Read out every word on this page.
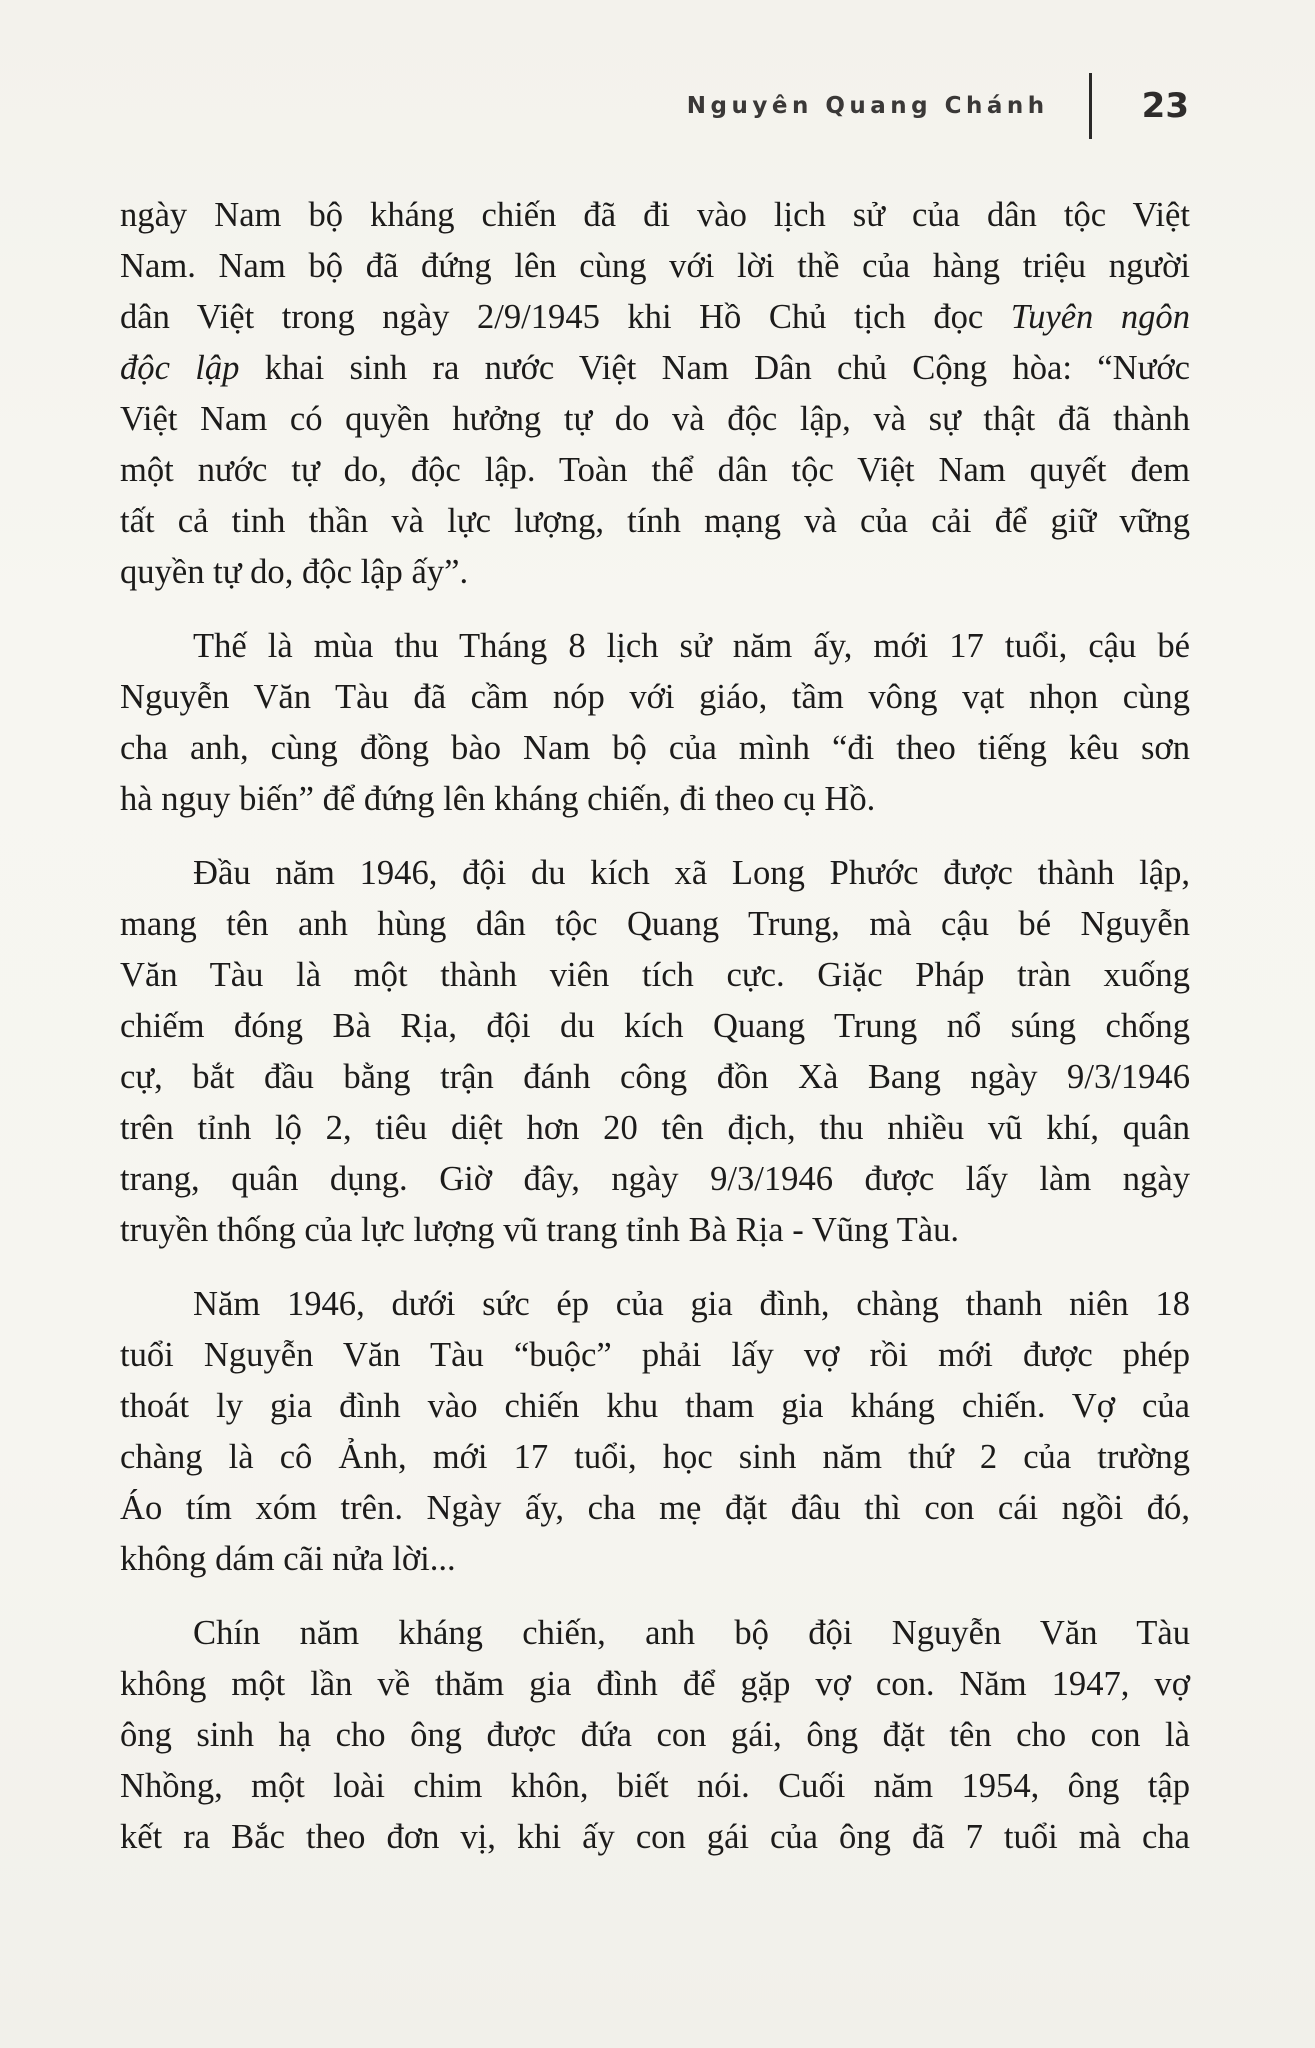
Nguyên Quang Chánh	23

ngày Nam bộ kháng chiến đã đi vào lịch sử của dân tộc Việt
Nam. Nam bộ đã đứng lên cùng với lời thề của hàng triệu người
dân Việt trong ngày 2/9/1945 khi Hồ Chủ tịch đọc Tuyên ngôn
độc lập khai sinh ra nước Việt Nam Dân chủ Cộng hòa: “Nước
Việt Nam có quyền hưởng tự do và độc lập, và sự thật đã thành
một nước tự do, độc lập. Toàn thể dân tộc Việt Nam quyết đem
tất cả tinh thần và lực lượng, tính mạng và của cải để giữ vững
quyền tự do, độc lập ấy”.

Thế là mùa thu Tháng 8 lịch sử năm ấy, mới 17 tuổi, cậu bé
Nguyễn Văn Tàu đã cầm nóp với giáo, tầm vông vạt nhọn cùng
cha anh, cùng đồng bào Nam bộ của mình “đi theo tiếng kêu sơn
hà nguy biến” để đứng lên kháng chiến, đi theo cụ Hồ.

Đầu năm 1946, đội du kích xã Long Phước được thành lập,
mang tên anh hùng dân tộc Quang Trung, mà cậu bé Nguyễn
Văn Tàu là một thành viên tích cực. Giặc Pháp tràn xuống
chiếm đóng Bà Rịa, đội du kích Quang Trung nổ súng chống
cự, bắt đầu bằng trận đánh công đồn Xà Bang ngày 9/3/1946
trên tỉnh lộ 2, tiêu diệt hơn 20 tên địch, thu nhiều vũ khí, quân
trang, quân dụng. Giờ đây, ngày 9/3/1946 được lấy làm ngày
truyền thống của lực lượng vũ trang tỉnh Bà Rịa - Vũng Tàu.

Năm 1946, dưới sức ép của gia đình, chàng thanh niên 18
tuổi Nguyễn Văn Tàu “buộc” phải lấy vợ rồi mới được phép
thoát ly gia đình vào chiến khu tham gia kháng chiến. Vợ của
chàng là cô Ảnh, mới 17 tuổi, học sinh năm thứ 2 của trường
Áo tím xóm trên. Ngày ấy, cha mẹ đặt đâu thì con cái ngồi đó,
không dám cãi nửa lời...

Chín năm kháng chiến, anh bộ đội Nguyễn Văn Tàu
không một lần về thăm gia đình để gặp vợ con. Năm 1947, vợ
ông sinh hạ cho ông được đứa con gái, ông đặt tên cho con là
Nhồng, một loài chim khôn, biết nói. Cuối năm 1954, ông tập
kết ra Bắc theo đơn vị, khi ấy con gái của ông đã 7 tuổi mà cha
